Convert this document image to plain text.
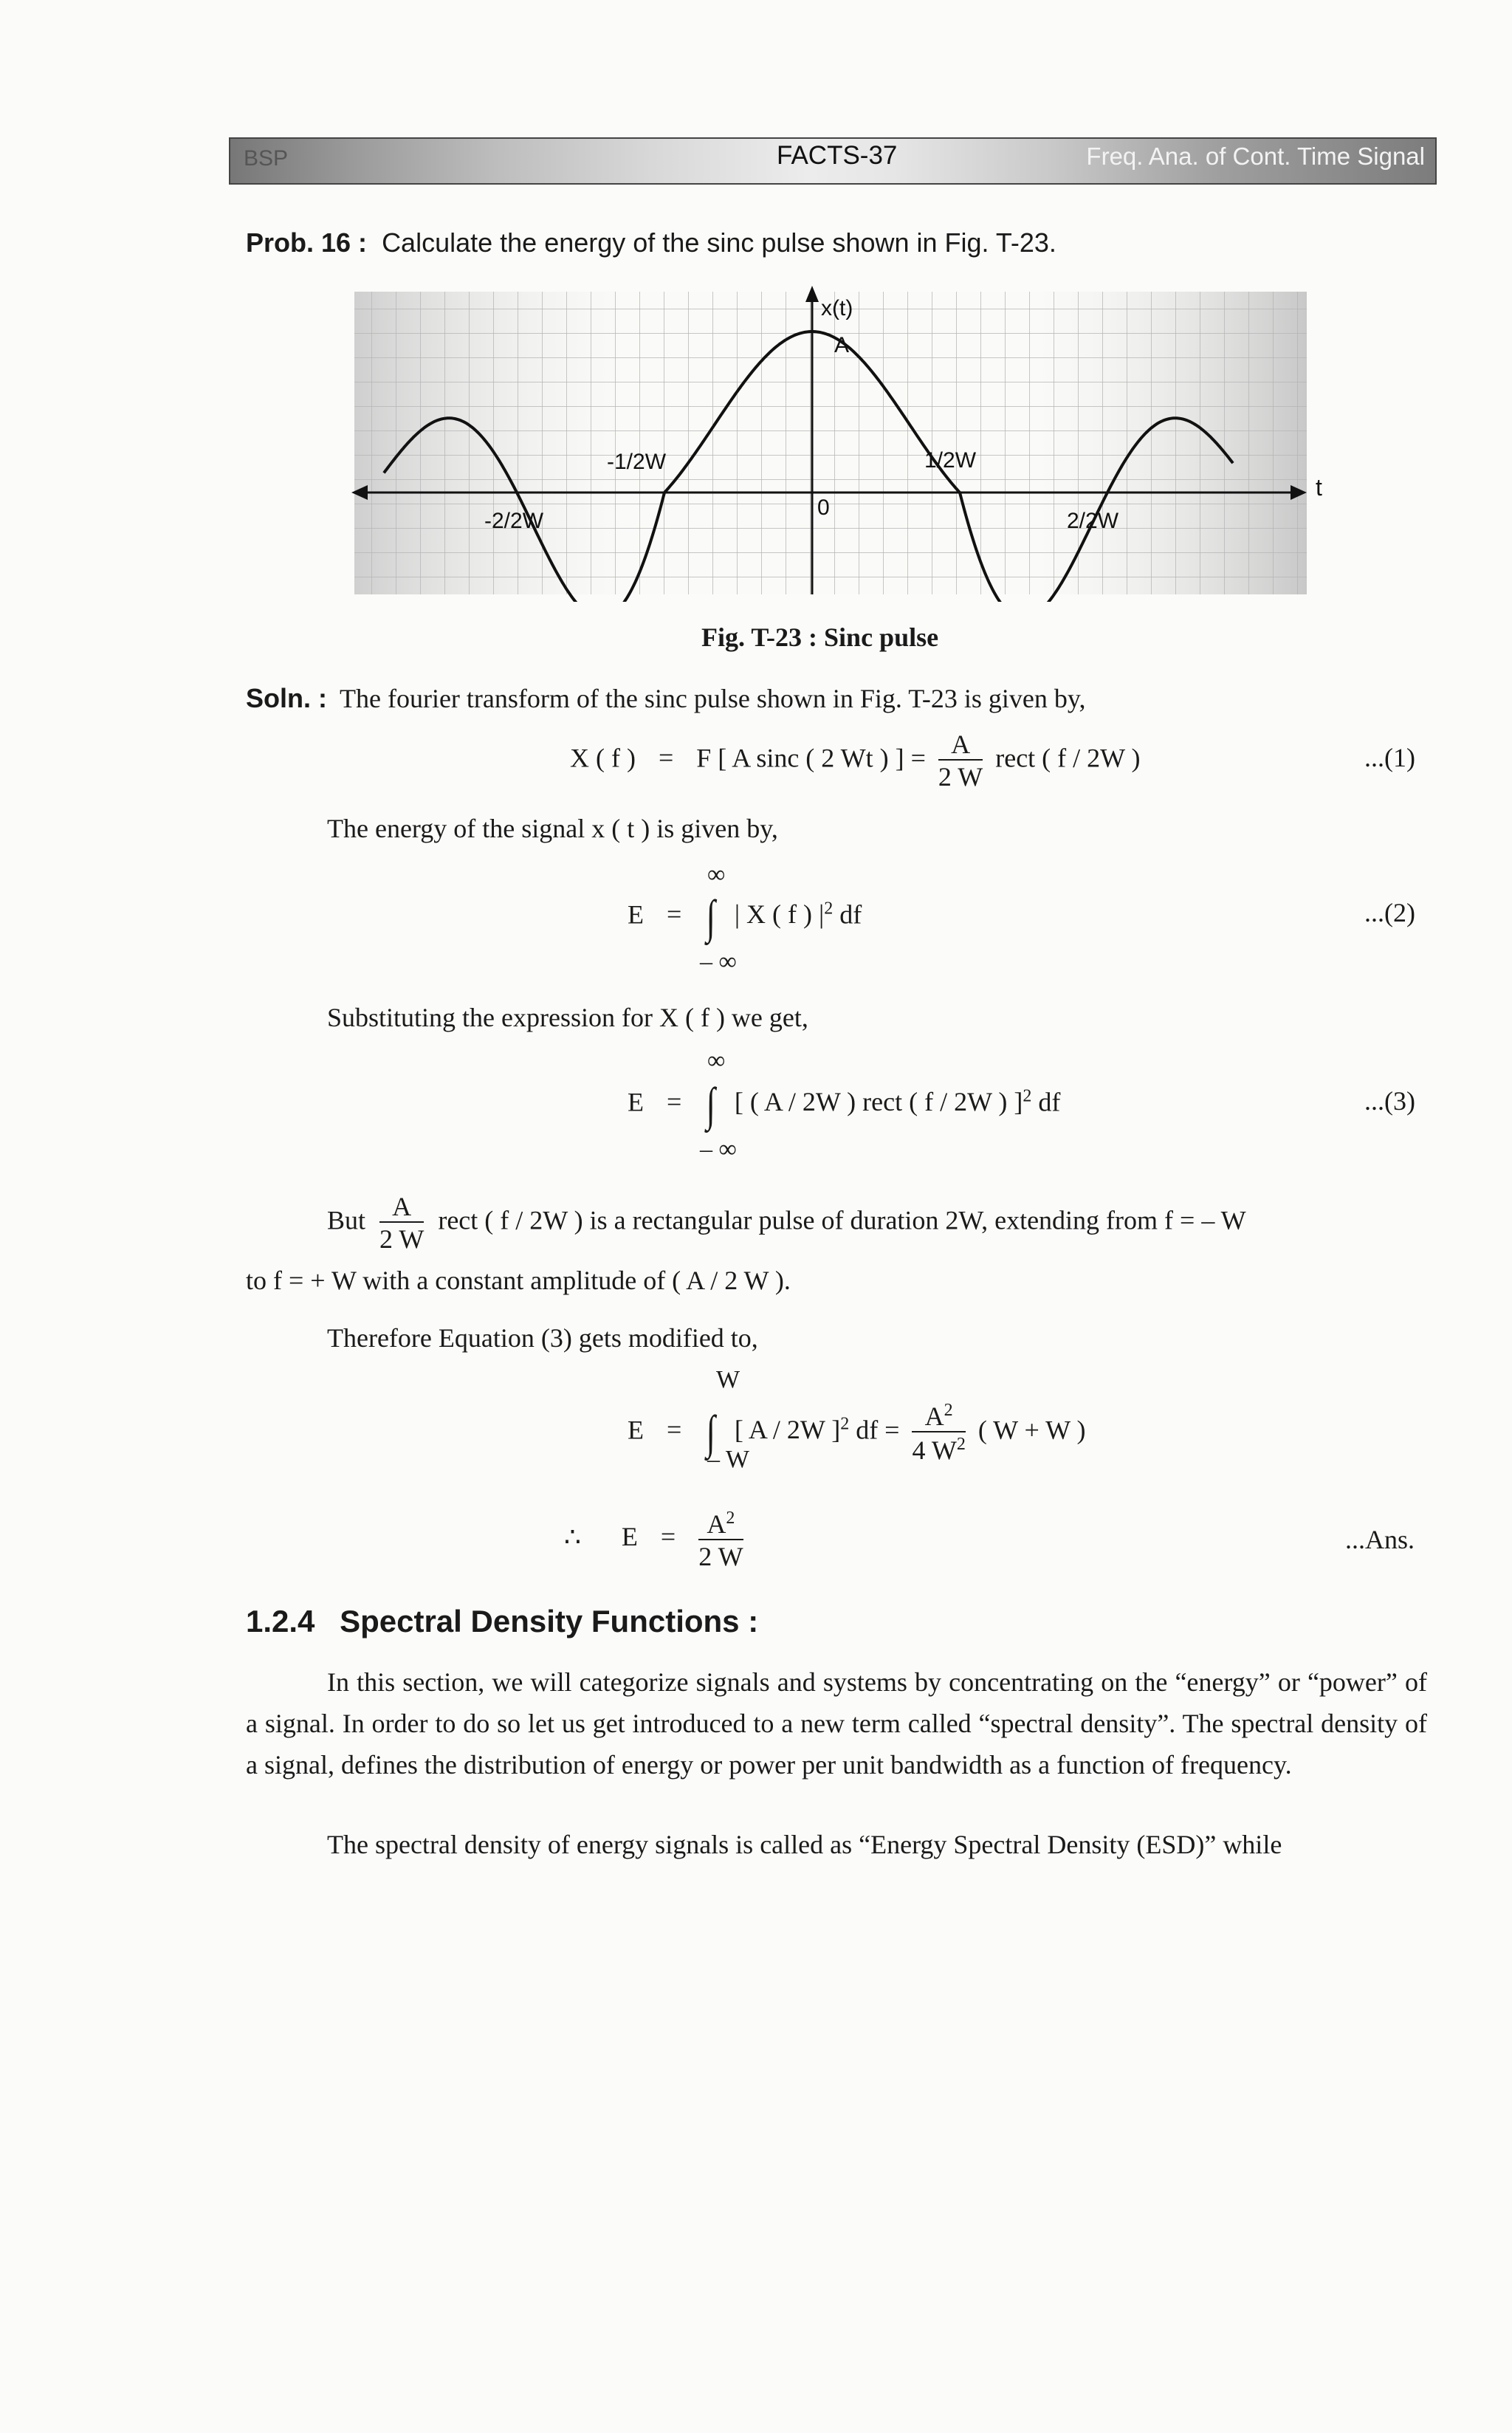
BSP	FACTS-37	Freq. Ana. of Cont. Time Signal
Prob. 16 : Calculate the energy of the sinc pulse shown in Fig. T-23.
x(t)
t
A
0
-2/2W
-1/2W	1/2W
2/2W
Fig. T-23 : Sinc pulse
Soln. : The fourier transform of the sinc pulse shown in Fig. T-23 is given by,
X ( f ) = F [ A sinc ( 2 Wt ) ] = $\frac{A}{2 W}$ rect ( f / 2W )	...(1)
The energy of the signal x ( t ) is given by,
∞
E = ∫ | X ( f ) $|^2$ df
– ∞
...(2)
Substituting the expression for X ( f ) we get,
∞
E = ∫ [ ( A / 2W ) rect ( f / 2W ) ]$^2$ df
– ∞
...(3)
But $\frac{A}{2 W}$ rect ( f / 2W ) is a rectangular pulse of duration 2W, extending from f = – W
to f = + W with a constant amplitude of ( A / 2 W ).
Therefore Equation (3) gets modified to,
W
E = ∫ [ A / 2W ]$^2$ df = $\frac{A^2}{4 W^2}$ ( W + W )
– W
∴ $E = \frac{A^2}{2 W}$	...Ans.
1.2.4 Spectral Density Functions :
In this section, we will categorize signals and systems by concentrating on the “energy” or “power” of a signal. In order to do so let us get introduced to a new term called “spectral density”. The spectral density of a signal, defines the distribution of energy or power per unit bandwidth as a function of frequency.
The spectral density of energy signals is called as “Energy Spectral Density (ESD)” while
